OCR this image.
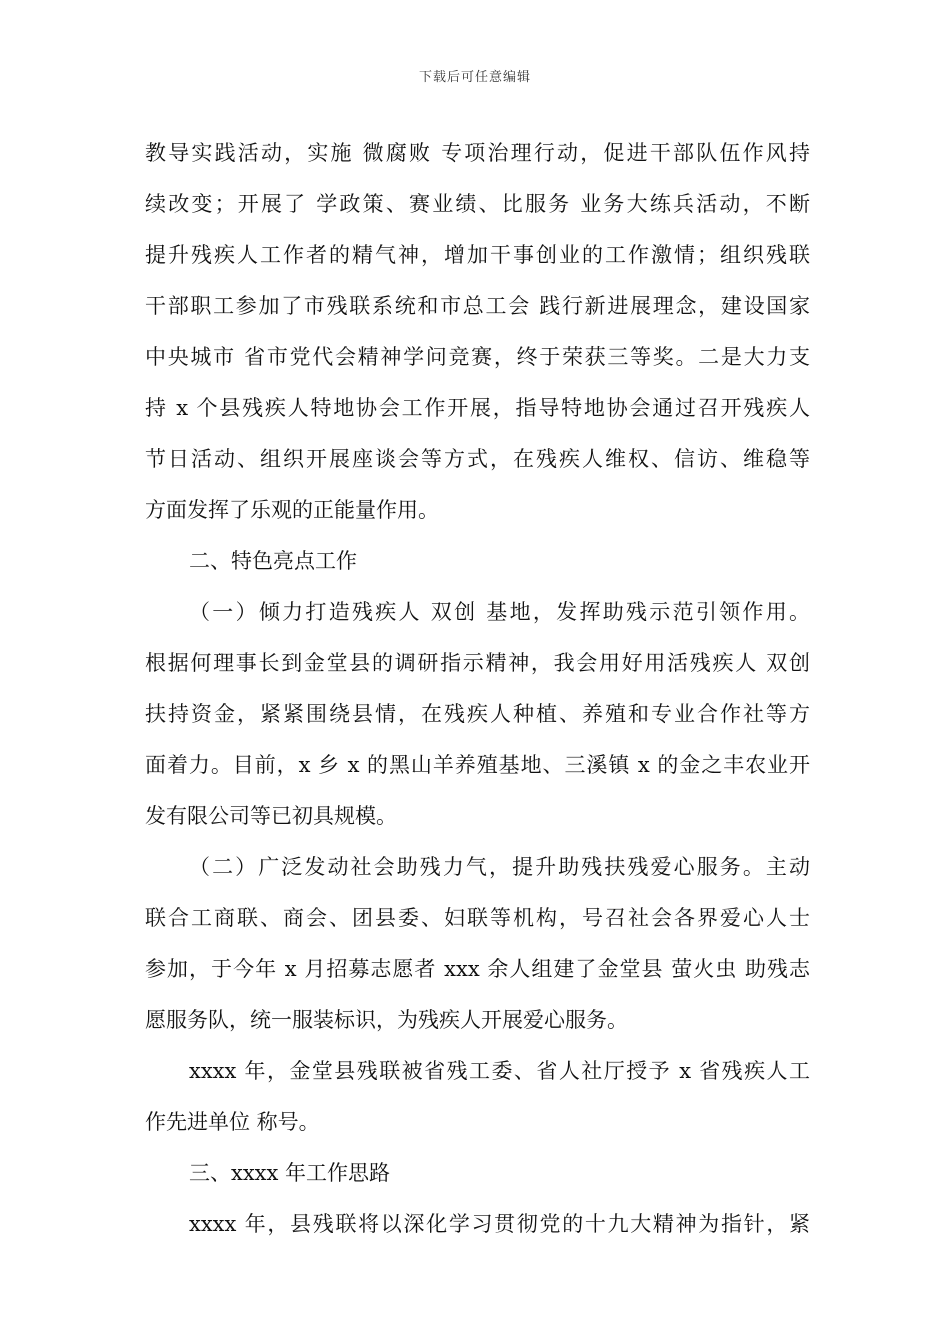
下载后可任意编辑
教导实践活动，实施 微腐败 专项治理行动，促进干部队伍作风持
续改变；开展了 学政策、赛业绩、比服务 业务大练兵活动，不断
提升残疾人工作者的精气神，增加干事创业的工作激情；组织残联
干部职工参加了市残联系统和市总工会 践行新进展理念，建设国家
中央城市 省市党代会精神学问竞赛，终于荣获三等奖。二是大力支
持 x 个县残疾人特地协会工作开展，指导特地协会通过召开残疾人
节日活动、组织开展座谈会等方式，在残疾人维权、信访、维稳等
方面发挥了乐观的正能量作用。
二、特色亮点工作
（一）倾力打造残疾人 双创 基地，发挥助残示范引领作用。
根据何理事长到金堂县的调研指示精神，我会用好用活残疾人 双创
扶持资金，紧紧围绕县情，在残疾人种植、养殖和专业合作社等方
面着力。目前，x 乡 x 的黑山羊养殖基地、三溪镇 x 的金之丰农业开
发有限公司等已初具规模。
（二）广泛发动社会助残力气，提升助残扶残爱心服务。主动
联合工商联、商会、团县委、妇联等机构，号召社会各界爱心人士
参加，于今年 x 月招募志愿者 xxx 余人组建了金堂县 萤火虫 助残志
愿服务队，统一服装标识，为残疾人开展爱心服务。
xxxx 年，金堂县残联被省残工委、省人社厅授予 x 省残疾人工
作先进单位 称号。
三、xxxx 年工作思路
xxxx 年，县残联将以深化学习贯彻党的十九大精神为指针，紧
